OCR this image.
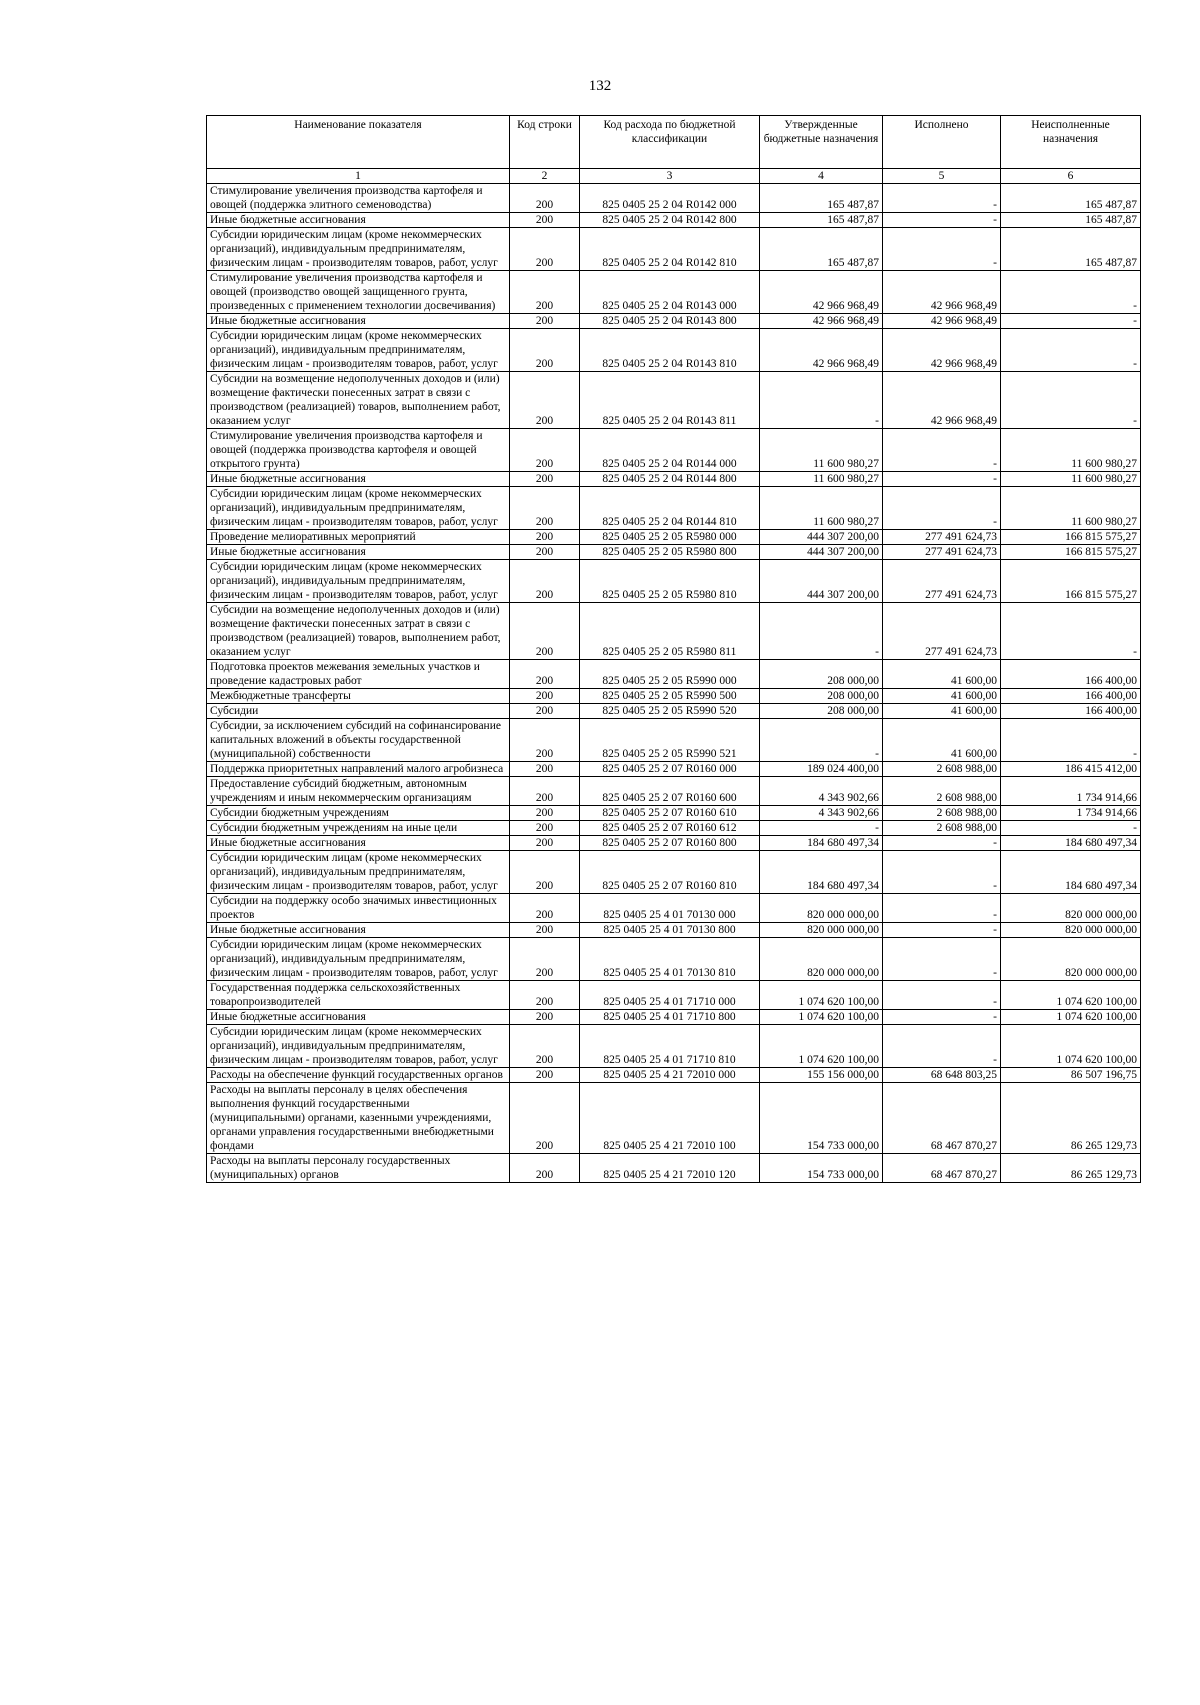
132
Наименование показателя	Код строки	Код расхода по бюджетной классификации	Утвержденные бюджетные назначения	Исполнено	Неисполненные назначения
1	2	3	4	5	6
Стимулирование увеличения производства картофеля и овощей (поддержка элитного семеноводства)	200	825 0405 25 2 04 R0142 000	165 487,87	-	165 487,87
Иные бюджетные ассигнования	200	825 0405 25 2 04 R0142 800	165 487,87	-	165 487,87
Субсидии юридическим лицам (кроме некоммерческих организаций), индивидуальным предпринимателям, физическим лицам - производителям товаров, работ, услуг	200	825 0405 25 2 04 R0142 810	165 487,87	-	165 487,87
Стимулирование увеличения производства картофеля и овощей (производство овощей защищенного грунта, произведенных с применением технологии досвечивания)	200	825 0405 25 2 04 R0143 000	42 966 968,49	42 966 968,49	-
Иные бюджетные ассигнования	200	825 0405 25 2 04 R0143 800	42 966 968,49	42 966 968,49	-
Субсидии юридическим лицам (кроме некоммерческих организаций), индивидуальным предпринимателям, физическим лицам - производителям товаров, работ, услуг	200	825 0405 25 2 04 R0143 810	42 966 968,49	42 966 968,49	-
Субсидии на возмещение недополученных доходов и (или) возмещение фактически понесенных затрат в связи с производством (реализацией) товаров, выполнением работ, оказанием услуг	200	825 0405 25 2 04 R0143 811	-	42 966 968,49	-
Стимулирование увеличения производства картофеля и овощей (поддержка производства картофеля и овощей открытого грунта)	200	825 0405 25 2 04 R0144 000	11 600 980,27	-	11 600 980,27
Иные бюджетные ассигнования	200	825 0405 25 2 04 R0144 800	11 600 980,27	-	11 600 980,27
Субсидии юридическим лицам (кроме некоммерческих организаций), индивидуальным предпринимателям, физическим лицам - производителям товаров, работ, услуг	200	825 0405 25 2 04 R0144 810	11 600 980,27	-	11 600 980,27
Проведение мелиоративных мероприятий	200	825 0405 25 2 05 R5980 000	444 307 200,00	277 491 624,73	166 815 575,27
Иные бюджетные ассигнования	200	825 0405 25 2 05 R5980 800	444 307 200,00	277 491 624,73	166 815 575,27
Субсидии юридическим лицам (кроме некоммерческих организаций), индивидуальным предпринимателям, физическим лицам - производителям товаров, работ, услуг	200	825 0405 25 2 05 R5980 810	444 307 200,00	277 491 624,73	166 815 575,27
Субсидии на возмещение недополученных доходов и (или) возмещение фактически понесенных затрат в связи с производством (реализацией) товаров, выполнением работ, оказанием услуг	200	825 0405 25 2 05 R5980 811	-	277 491 624,73	-
Подготовка проектов межевания земельных участков и проведение кадастровых работ	200	825 0405 25 2 05 R5990 000	208 000,00	41 600,00	166 400,00
Межбюджетные трансферты	200	825 0405 25 2 05 R5990 500	208 000,00	41 600,00	166 400,00
Субсидии	200	825 0405 25 2 05 R5990 520	208 000,00	41 600,00	166 400,00
Субсидии, за исключением субсидий на софинансирование капитальных вложений в объекты государственной (муниципальной) собственности	200	825 0405 25 2 05 R5990 521	-	41 600,00	-
Поддержка приоритетных направлений малого агробизнеса	200	825 0405 25 2 07 R0160 000	189 024 400,00	2 608 988,00	186 415 412,00
Предоставление субсидий бюджетным, автономным учреждениям и иным некоммерческим организациям	200	825 0405 25 2 07 R0160 600	4 343 902,66	2 608 988,00	1 734 914,66
Субсидии бюджетным учреждениям	200	825 0405 25 2 07 R0160 610	4 343 902,66	2 608 988,00	1 734 914,66
Субсидии бюджетным учреждениям на иные цели	200	825 0405 25 2 07 R0160 612	-	2 608 988,00	-
Иные бюджетные ассигнования	200	825 0405 25 2 07 R0160 800	184 680 497,34	-	184 680 497,34
Субсидии юридическим лицам (кроме некоммерческих организаций), индивидуальным предпринимателям, физическим лицам - производителям товаров, работ, услуг	200	825 0405 25 2 07 R0160 810	184 680 497,34	-	184 680 497,34
Субсидии на поддержку особо значимых инвестиционных проектов	200	825 0405 25 4 01 70130 000	820 000 000,00	-	820 000 000,00
Иные бюджетные ассигнования	200	825 0405 25 4 01 70130 800	820 000 000,00	-	820 000 000,00
Субсидии юридическим лицам (кроме некоммерческих организаций), индивидуальным предпринимателям, физическим лицам - производителям товаров, работ, услуг	200	825 0405 25 4 01 70130 810	820 000 000,00	-	820 000 000,00
Государственная поддержка сельскохозяйственных товаропроизводителей	200	825 0405 25 4 01 71710 000	1 074 620 100,00	-	1 074 620 100,00
Иные бюджетные ассигнования	200	825 0405 25 4 01 71710 800	1 074 620 100,00	-	1 074 620 100,00
Субсидии юридическим лицам (кроме некоммерческих организаций), индивидуальным предпринимателям, физическим лицам - производителям товаров, работ, услуг	200	825 0405 25 4 01 71710 810	1 074 620 100,00	-	1 074 620 100,00
Расходы на обеспечение функций государственных органов	200	825 0405 25 4 21 72010 000	155 156 000,00	68 648 803,25	86 507 196,75
Расходы на выплаты персоналу в целях обеспечения выполнения функций государственными (муниципальными) органами, казенными учреждениями, органами управления государственными внебюджетными фондами	200	825 0405 25 4 21 72010 100	154 733 000,00	68 467 870,27	86 265 129,73
Расходы на выплаты персоналу государственных (муниципальных) органов	200	825 0405 25 4 21 72010 120	154 733 000,00	68 467 870,27	86 265 129,73
